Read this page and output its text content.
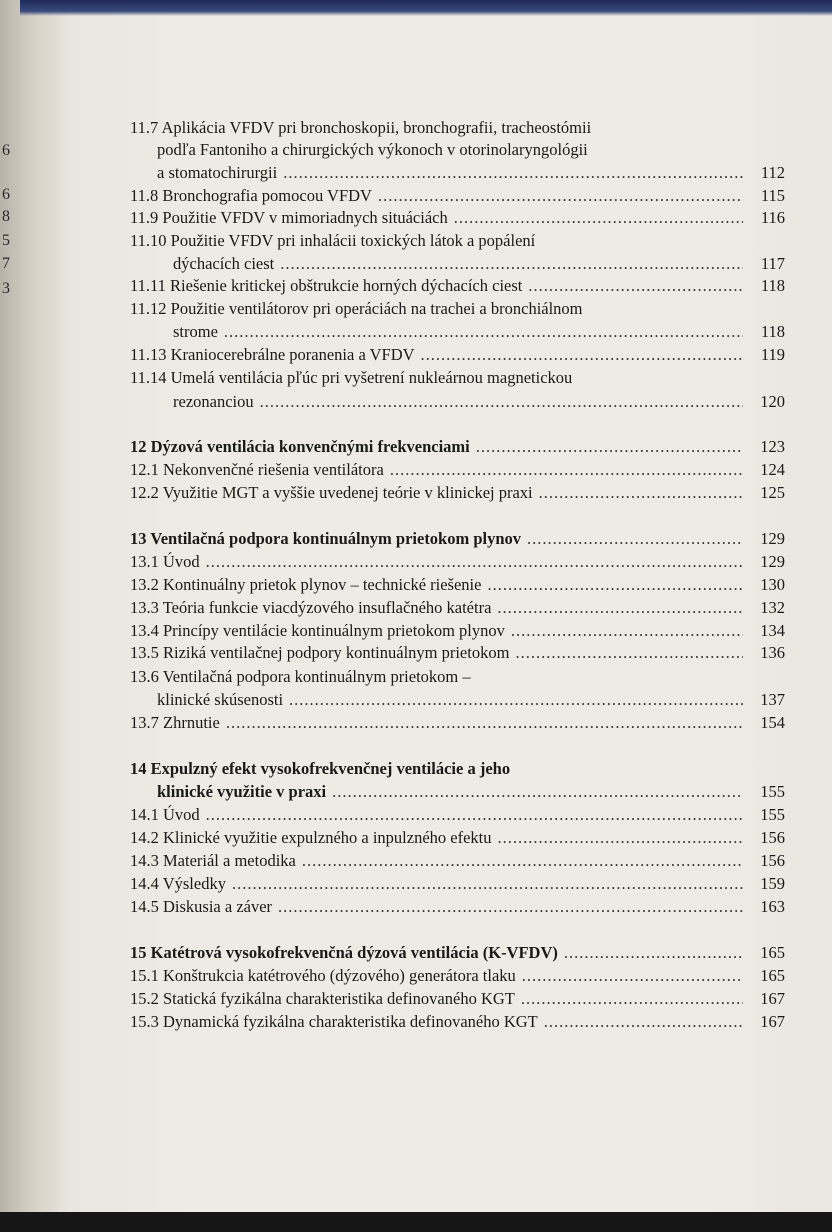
6
6
8
5
7
3
11.7 Aplikácia VFDV pri bronchoskopii, bronchografii, tracheostómii
podľa Fantoniho a chirurgických výkonoch v otorinolaryngológii
a stomatochirurgii .....	112
11.8 Bronchografia pomocou VFDV .....	115
11.9 Použitie VFDV v mimoriadnych situáciách .....	116
11.10 Použitie VFDV pri inhalácii toxických látok a popálení
dýchacích ciest .....	117
11.11 Riešenie kritickej obštrukcie horných dýchacích ciest .....	118
11.12 Použitie ventilátorov pri operáciách na trachei a bronchiálnom
strome .....	118
11.13 Kraniocerebrálne poranenia a VFDV .....	119
11.14 Umelá ventilácia pľúc pri vyšetrení nukleárnou magnetickou
rezonanciou .....	120
12 Dýzová ventilácia konvenčnými frekvenciami .....	123
12.1 Nekonvenčné riešenia ventilátora .....	124
12.2 Využitie MGT a vyššie uvedenej teórie v klinickej praxi .....	125
13 Ventilačná podpora kontinuálnym prietokom plynov .....	129
13.1 Úvod .....	129
13.2 Kontinuálny prietok plynov – technické riešenie .....	130
13.3 Teória funkcie viacdýzového insuflačného katétra .....	132
13.4 Princípy ventilácie kontinuálnym prietokom plynov .....	134
13.5 Riziká ventilačnej podpory kontinuálnym prietokom .....	136
13.6 Ventilačná podpora kontinuálnym prietokom –
klinické skúsenosti .....	137
13.7 Zhrnutie .....	154
14 Expulzný efekt vysokofrekvenčnej ventilácie a jeho
klinické využitie v praxi .....	155
14.1 Úvod .....	155
14.2 Klinické využitie expulzného a inpulzného efektu .....	156
14.3 Materiál a metodika .....	156
14.4 Výsledky .....	159
14.5 Diskusia a záver .....	163
15 Katétrová vysokofrekvenčná dýzová ventilácia (K-VFDV) .....	165
15.1 Konštrukcia katétrového (dýzového) generátora tlaku .....	165
15.2 Statická fyzikálna charakteristika definovaného KGT .....	167
15.3 Dynamická fyzikálna charakteristika definovaného KGT .....	167
